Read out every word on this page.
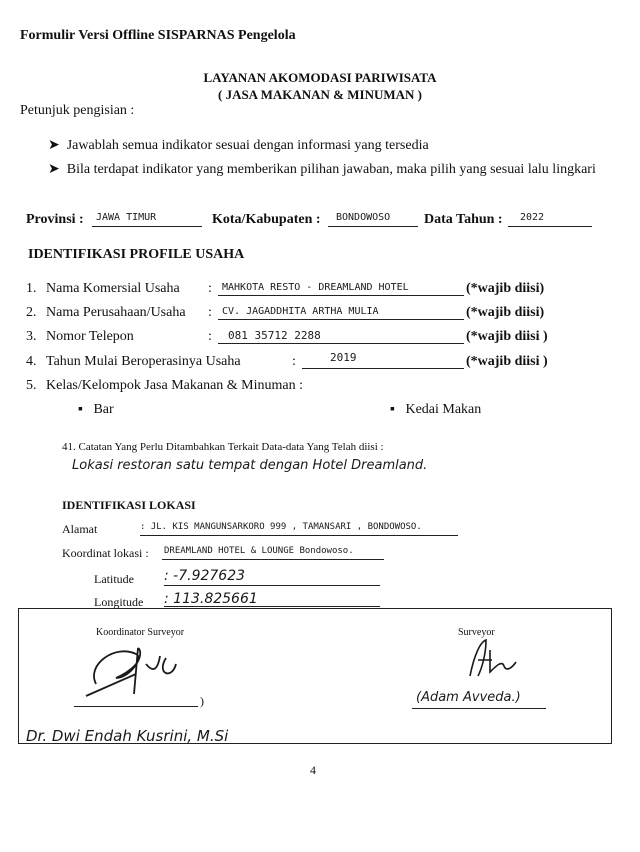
Formulir Versi Offline SISPARNAS Pengelola
LAYANAN AKOMODASI PARIWISATA
( JASA MAKANAN & MINUMAN )
Petunjuk pengisian :
➤ Jawablah semua indikator sesuai dengan informasi yang tersedia
➤ Bila terdapat indikator yang memberikan pilihan jawaban, maka pilih yang sesuai lalu lingkari
Provinsi : JAWA TIMUR	Kota/Kabupaten : BONDOWOSO Data Tahun : 2022
IDENTIFIKASI PROFILE USAHA
1. Nama Komersial Usaha : MAHKOTA RESTO - DREAMLAND HOTEL	(*wajib diisi)
2. Nama Perusahaan/Usaha : CV. JAGADDHITA ARTHA MULIA	(*wajib diisi)
3. Nomor Telepon	: 081 35712 2288	(*wajib diisi )
4. Tahun Mulai Beroperasinya Usaha	:	2019	(*wajib diisi )
5. Kelas/Kelompok Jasa Makanan & Minuman :
▪ Bar	▪ Kedai Makan
41. Catatan Yang Perlu Ditambahkan Terkait Data-data Yang Telah diisi :
Lokasi restoran satu tempat dengan Hotel Dreamland.
IDENTIFIKASI LOKASI
Alamat	: JL. KIS MANGUNSARKORO 999 , TAMANSARI , BONDOWOSO.
Koordinat lokasi : DREAMLAND HOTEL & LOUNGE Bondowoso.
Latitude : -7.927623
Longitude : 113.825661
Koordinator Surveyor
)
Surveyor
(Adam Avveda.)
Dr. Dwi Endah Kusrini, M.Si
4
